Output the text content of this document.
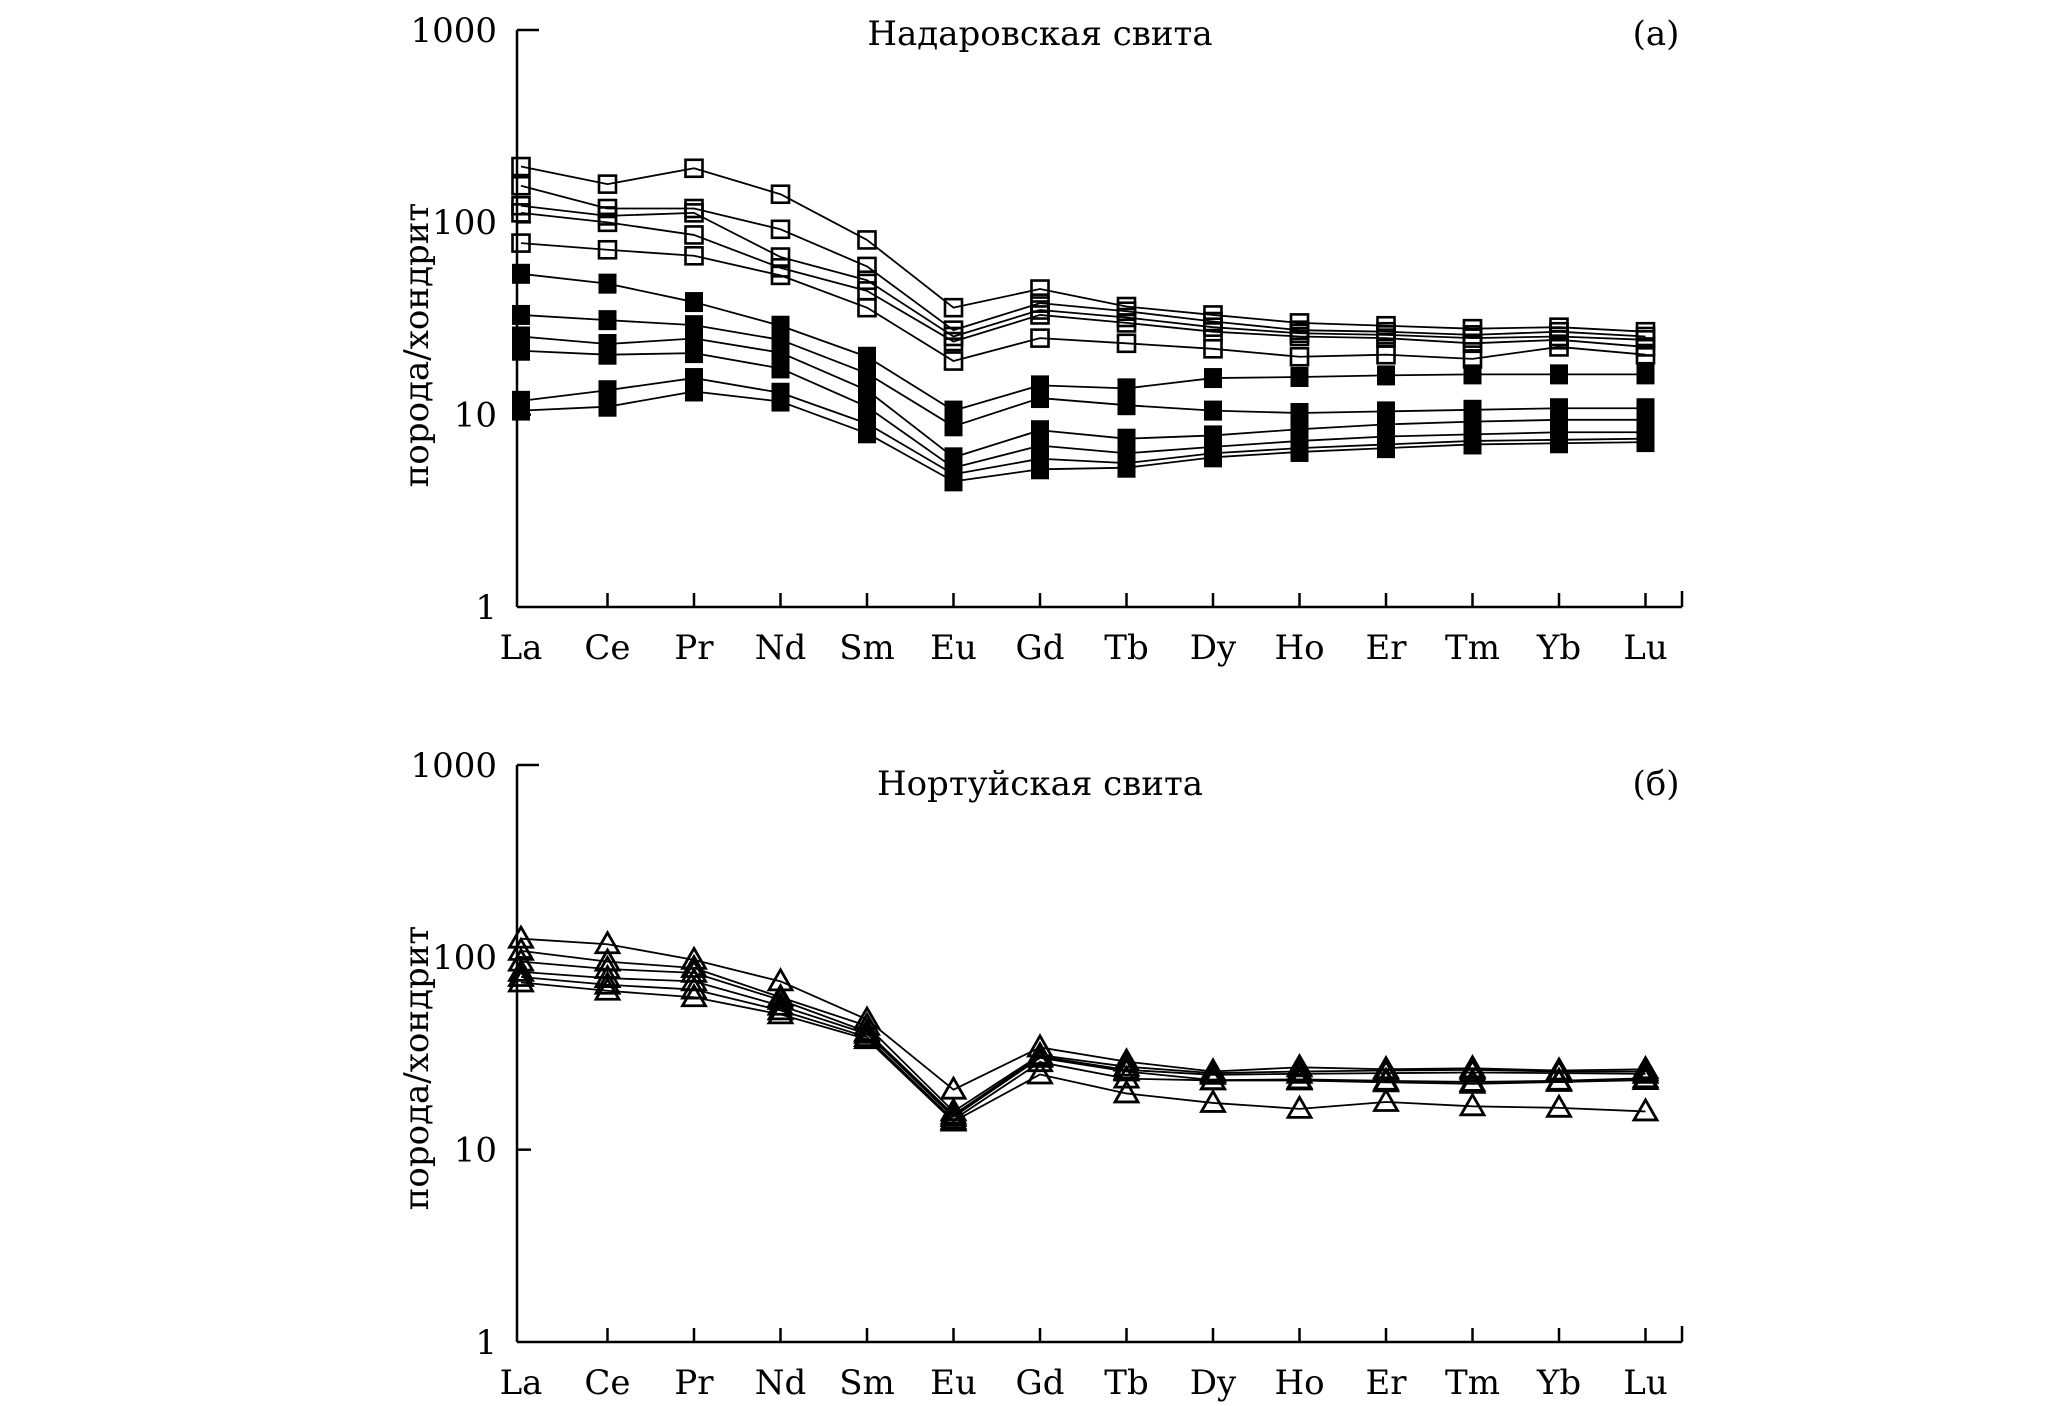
1000
100
10
1
La Ce Pr Nd Sm Eu Gd Tb Dy Ho Er Tm Yb Lu
Надаровская свита	(а)
порода/хондрит
1000
100
10
1
La Ce Pr Nd Sm Eu Gd Tb Dy Ho Er Tm Yb Lu
Нортуйская свита	(б)
порода/хондрит
